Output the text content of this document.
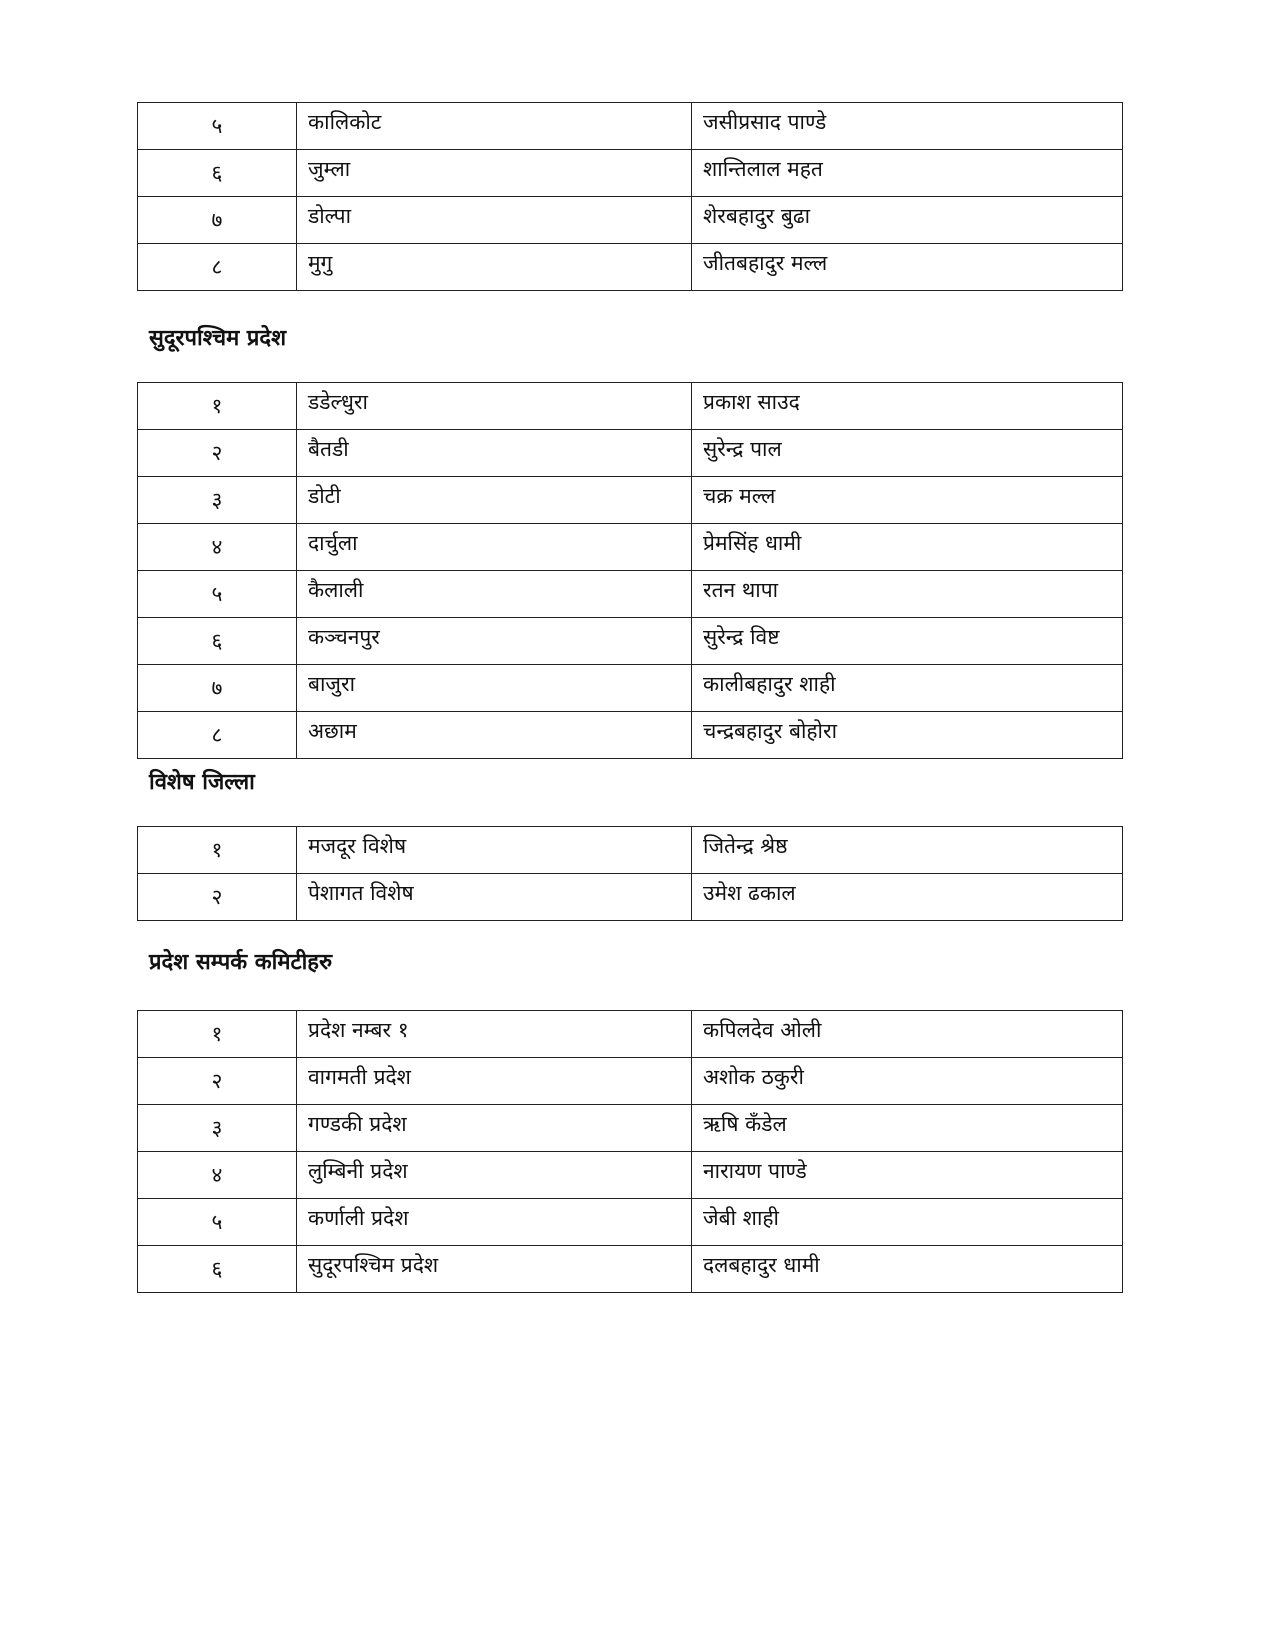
५	कालिकोट	जसीप्रसाद पाण्डे
६	जुम्ला	शान्तिलाल महत
७	डोल्पा	शेरबहादुर बुढा
८	मुगु	जीतबहादुर मल्ल
सुदूरपश्चिम प्रदेश
१	डडेल्धुरा	प्रकाश साउद
२	बैतडी	सुरेन्द्र पाल
३	डोटी	चक्र मल्ल
४	दार्चुला	प्रेमसिंह धामी
५	कैलाली	रतन थापा
६	कञ्चनपुर	सुरेन्द्र विष्ट
७	बाजुरा	कालीबहादुर शाही
८	अछाम	चन्द्रबहादुर बोहोरा
विशेष जिल्ला
१	मजदूर विशेष	जितेन्द्र श्रेष्ठ
२	पेशागत विशेष	उमेश ढकाल
प्रदेश सम्पर्क कमिटीहरु
१	प्रदेश नम्बर १	कपिलदेव ओली
२	वागमती प्रदेश	अशोक ठकुरी
३	गण्डकी प्रदेश	ऋषि कँडेल
४	लुम्बिनी प्रदेश	नारायण पाण्डे
५	कर्णाली प्रदेश	जेबी शाही
६	सुदूरपश्चिम प्रदेश	दलबहादुर धामी
